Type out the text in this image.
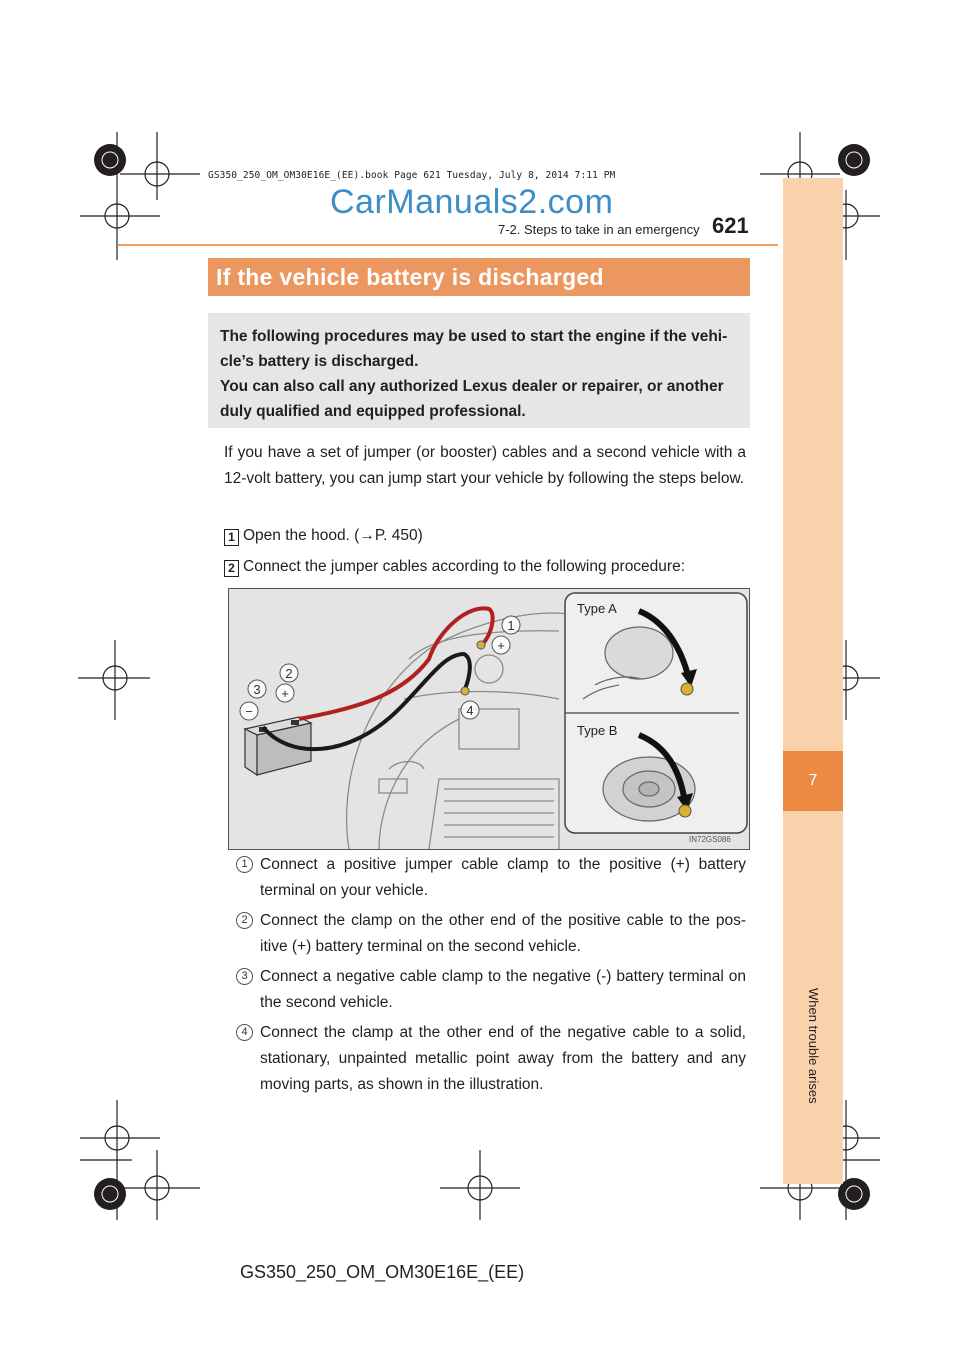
GS350_250_OM_OM30E16E_(EE).book Page 621 Tuesday, July 8, 2014 7:11 PM
CarManuals2.com
7-2. Steps to take in an emergency 621
7
When trouble arises
If the vehicle battery is discharged
The following procedures may be used to start the engine if the vehi-
cle’s battery is discharged.
You can also call any authorized Lexus dealer or repairer, or another
duly qualified and equipped professional.

If you have a set of jumper (or booster) cables and a second vehicle with a 12-volt battery, you can jump start your vehicle by following the steps below.

1 Open the hood. (→P. 450)
2 Connect the jumper cables according to the following procedure:
1
+
2
+
3
−	4
Type A
Type B
IN72GS086
1 Connect a positive jumper cable clamp to the positive (+) battery terminal on your vehicle.
2 Connect the clamp on the other end of the positive cable to the pos-itive (+) battery terminal on the second vehicle.
3 Connect a negative cable clamp to the negative (-) battery terminal on the second vehicle.
4 Connect the clamp at the other end of the negative cable to a solid, stationary, unpainted metallic point away from the battery and any moving parts, as shown in the illustration.
GS350_250_OM_OM30E16E_(EE)
